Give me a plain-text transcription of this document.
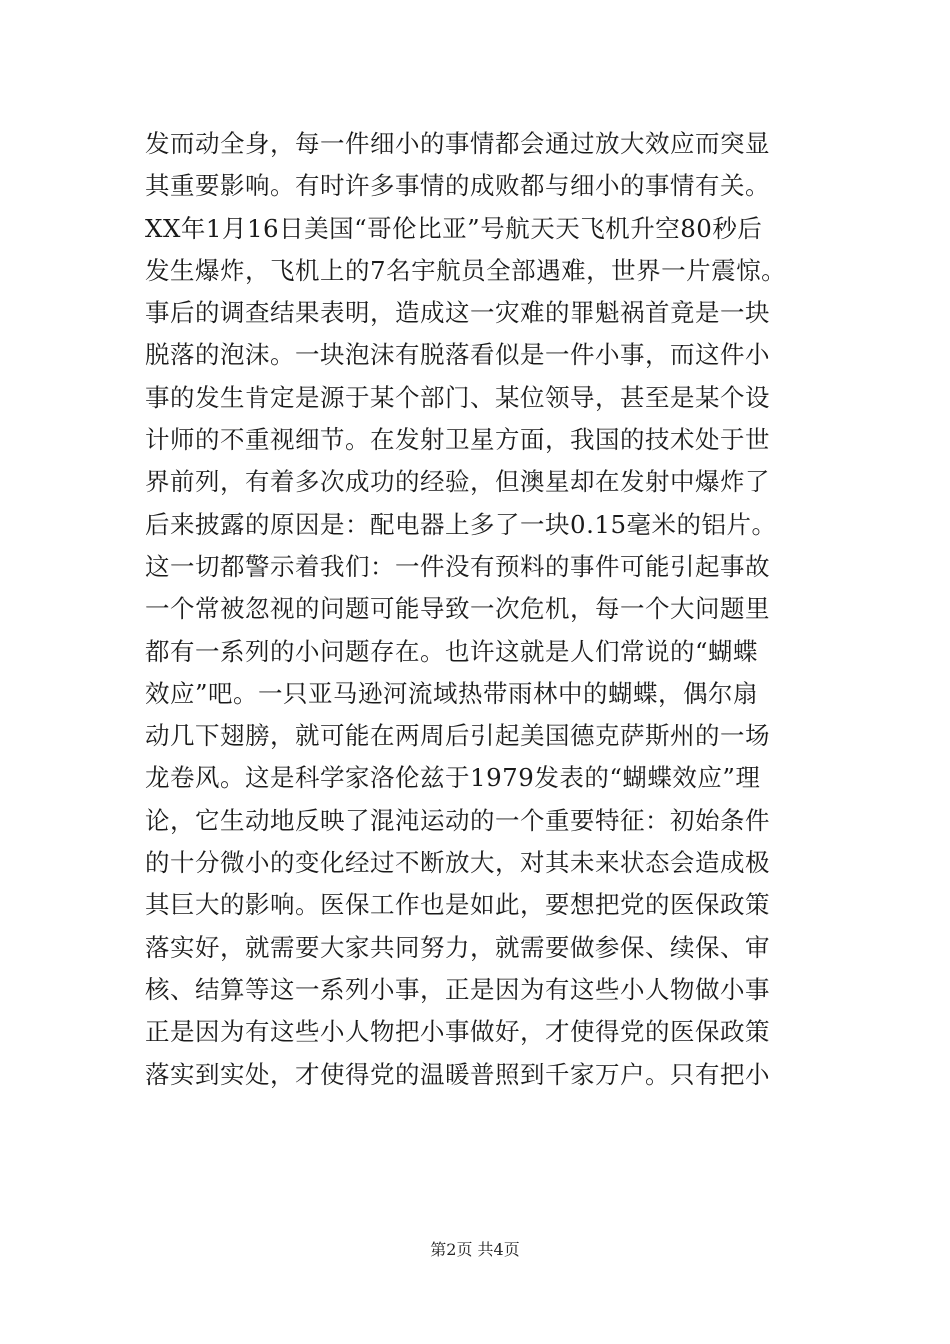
发而动全身，每一件细小的事情都会通过放大效应而突显
其重要影响。有时许多事情的成败都与细小的事情有关。
XX年1月16日美国“哥伦比亚”号航天天飞机升空80秒后
发生爆炸，飞机上的7名宇航员全部遇难，世界一片震惊。
事后的调查结果表明，造成这一灾难的罪魁祸首竟是一块
脱落的泡沫。一块泡沫有脱落看似是一件小事，而这件小
事的发生肯定是源于某个部门、某位领导，甚至是某个设
计师的不重视细节。在发射卫星方面，我国的技术处于世
界前列，有着多次成功的经验，但澳星却在发射中爆炸了
后来披露的原因是：配电器上多了一块0.15毫米的铝片。
这一切都警示着我们：一件没有预料的事件可能引起事故
一个常被忽视的问题可能导致一次危机，每一个大问题里
都有一系列的小问题存在。也许这就是人们常说的“蝴蝶
效应”吧。一只亚马逊河流域热带雨林中的蝴蝶，偶尔扇
动几下翅膀，就可能在两周后引起美国德克萨斯州的一场
龙卷风。这是科学家洛伦兹于1979发表的“蝴蝶效应”理
论，它生动地反映了混沌运动的一个重要特征：初始条件
的十分微小的变化经过不断放大，对其未来状态会造成极
其巨大的影响。医保工作也是如此，要想把党的医保政策
落实好，就需要大家共同努力，就需要做参保、续保、审
核、结算等这一系列小事，正是因为有这些小人物做小事
正是因为有这些小人物把小事做好，才使得党的医保政策
落实到实处，才使得党的温暖普照到千家万户。只有把小
第2页 共4页
